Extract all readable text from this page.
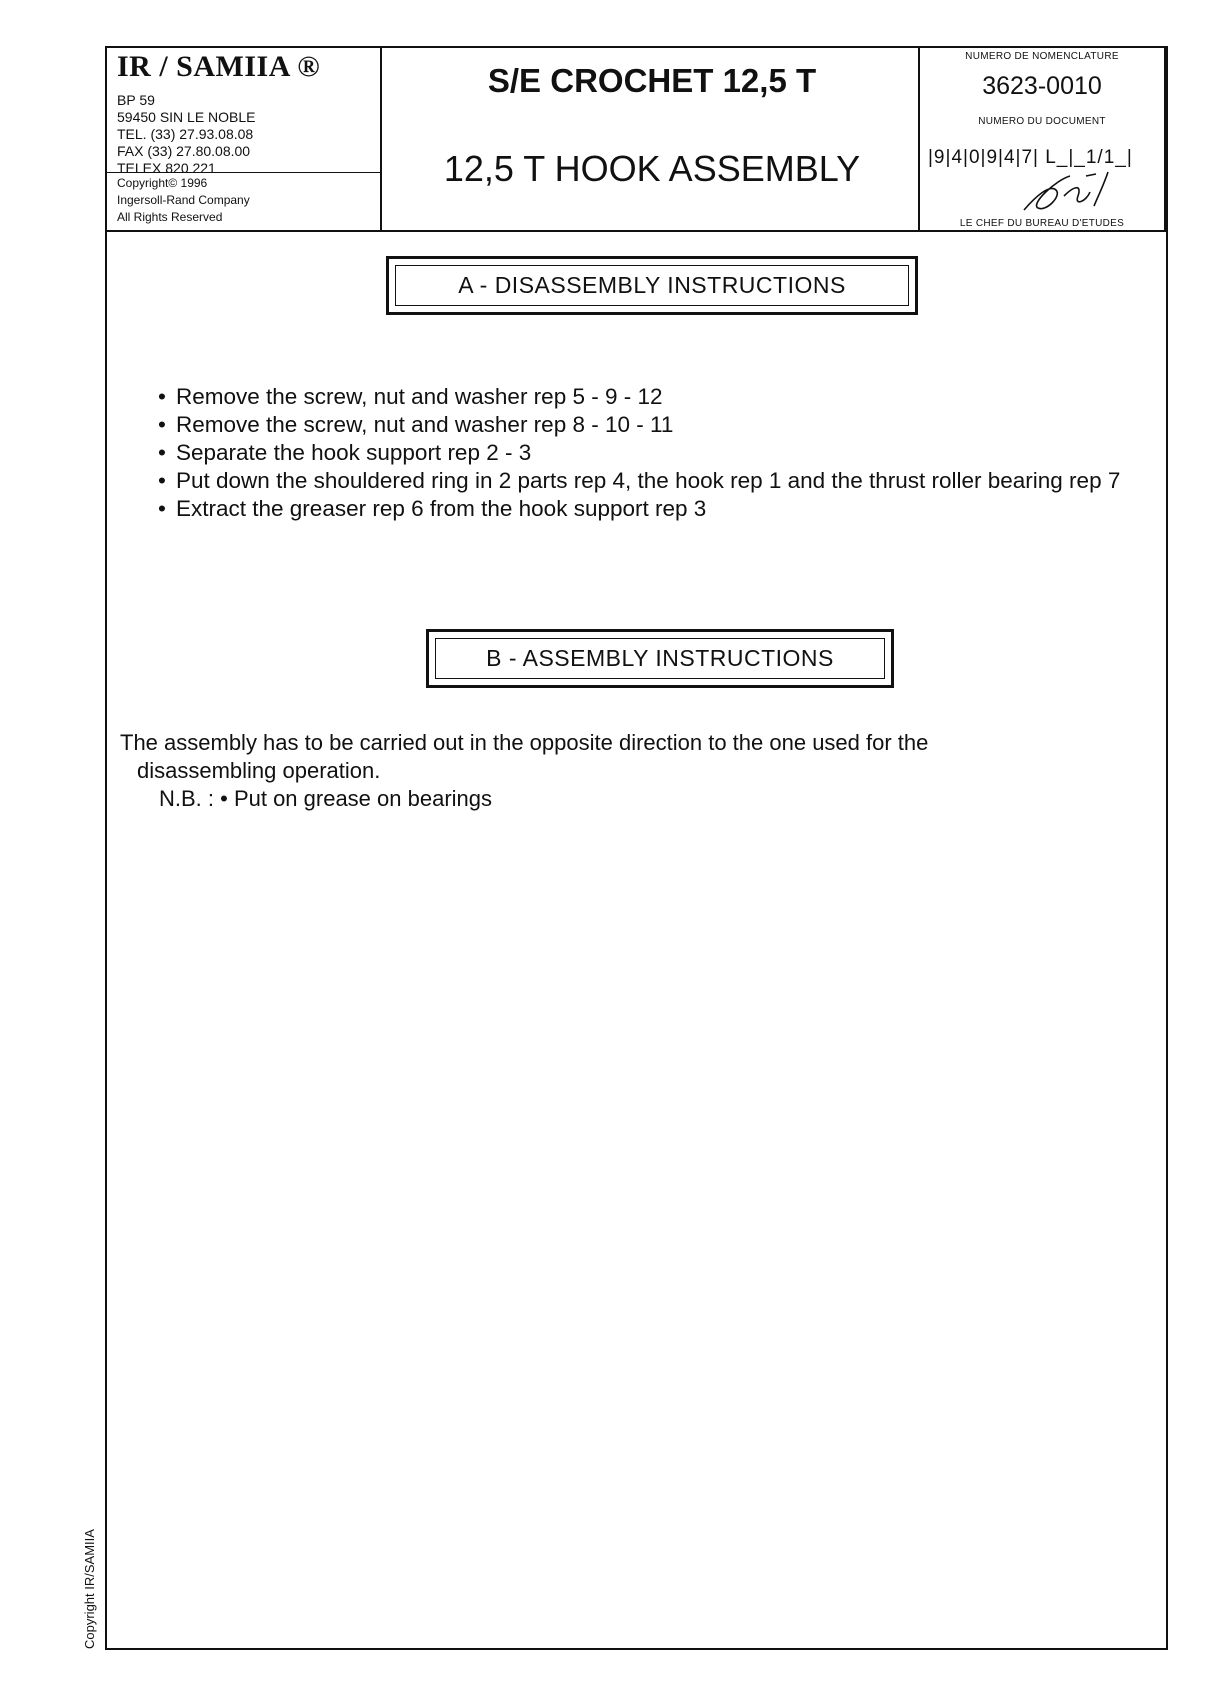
IR / SAMIIA ®
BP 59
59450 SIN LE NOBLE
TEL. (33) 27.93.08.08
FAX (33) 27.80.08.00
TELEX 820 221
Copyright© 1996
Ingersoll-Rand Company
All Rights Reserved
S/E CROCHET 12,5 T
12,5 T HOOK ASSEMBLY
NUMERO DE NOMENCLATURE
3623-0010
NUMERO DU DOCUMENT
|9|4|0|9|4|7| L_|_1/1_|
LE CHEF DU BUREAU D'ETUDES
A - DISASSEMBLY INSTRUCTIONS
• Remove the screw, nut and washer rep 5 - 9 - 12
• Remove the screw, nut and washer rep 8 - 10 - 11
• Separate the hook support rep 2 - 3
• Put down the shouldered ring in 2 parts rep 4, the hook rep 1 and the thrust roller bearing rep 7
• Extract the greaser rep 6 from the hook support rep 3
B - ASSEMBLY INSTRUCTIONS
The assembly has to be carried out in the opposite direction to the one used for the
disassembling operation.
N.B. : • Put on grease on bearings
Copyright IR/SAMIIA
